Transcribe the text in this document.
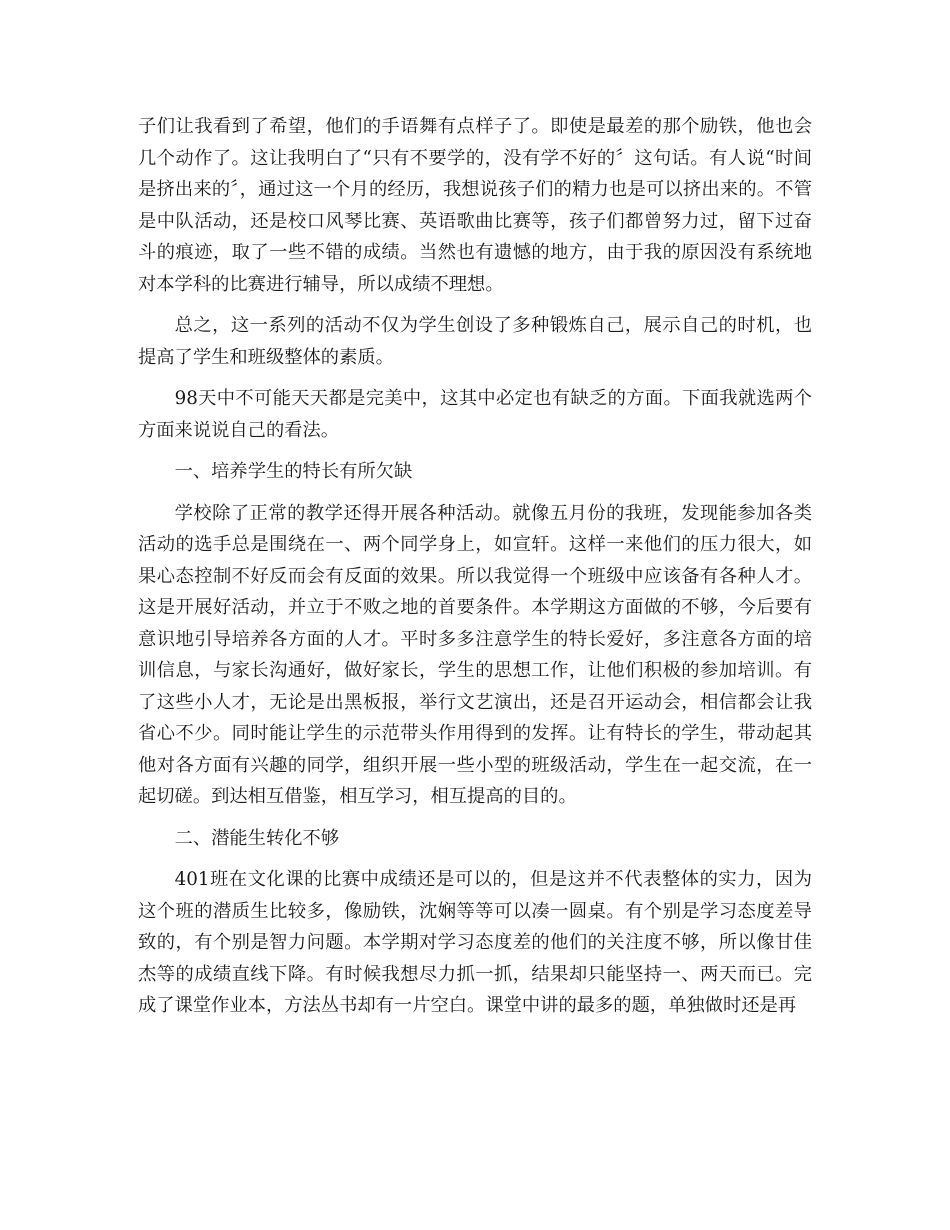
子们让我看到了希望，他们的手语舞有点样子了。即使是最差的那个励铁，他也会几个动作了。这让我明白了“只有不要学的，没有学不好的〞这句话。有人说“时间是挤出来的〞，通过这一个月的经历，我想说孩子们的精力也是可以挤出来的。不管是中队活动，还是校口风琴比赛、英语歌曲比赛等，孩子们都曾努力过，留下过奋斗的痕迹，取了一些不错的成绩。当然也有遗憾的地方，由于我的原因没有系统地对本学科的比赛进行辅导，所以成绩不理想。

总之，这一系列的活动不仅为学生创设了多种锻炼自己，展示自己的时机，也提高了学生和班级整体的素质。

98天中不可能天天都是完美中，这其中必定也有缺乏的方面。下面我就选两个方面来说说自己的看法。

一、培养学生的特长有所欠缺

学校除了正常的教学还得开展各种活动。就像五月份的我班，发现能参加各类活动的选手总是围绕在一、两个同学身上，如宣轩。这样一来他们的压力很大，如果心态控制不好反而会有反面的效果。所以我觉得一个班级中应该备有各种人才。这是开展好活动，并立于不败之地的首要条件。本学期这方面做的不够，今后要有意识地引导培养各方面的人才。平时多多注意学生的特长爱好，多注意各方面的培训信息，与家长沟通好，做好家长，学生的思想工作，让他们积极的参加培训。有了这些小人才，无论是出黑板报，举行文艺演出，还是召开运动会，相信都会让我省心不少。同时能让学生的示范带头作用得到的发挥。让有特长的学生，带动起其他对各方面有兴趣的同学，组织开展一些小型的班级活动，学生在一起交流，在一起切磋。到达相互借鉴，相互学习，相互提高的目的。

二、潜能生转化不够

401班在文化课的比赛中成绩还是可以的，但是这并不代表整体的实力，因为这个班的潜质生比较多，像励铁，沈娴等等可以凑一圆桌。有个别是学习态度差导致的，有个别是智力问题。本学期对学习态度差的他们的关注度不够，所以像甘佳杰等的成绩直线下降。有时候我想尽力抓一抓，结果却只能坚持一、两天而已。完成了课堂作业本，方法丛书却有一片空白。课堂中讲的最多的题，单独做时还是再
